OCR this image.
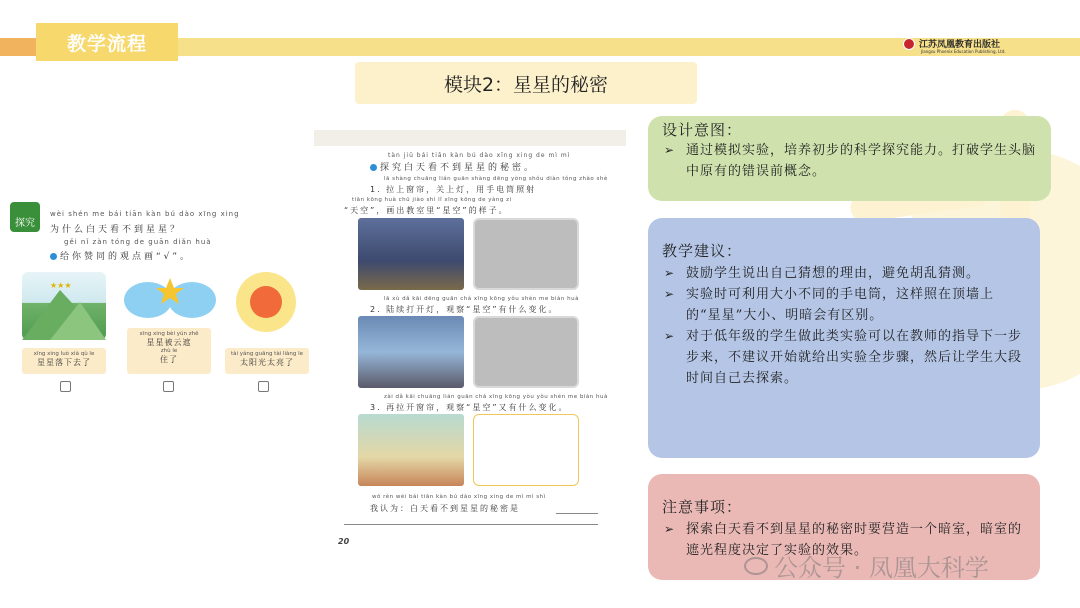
教学流程	江苏凤凰教育出版社
Jiangsu Phoenix Education Publishing, Ltd.
模块2：星星的秘密
探究
wèi shén me bái tiān kàn bú dào xīng xing
为什么白天看不到星星？
gěi nǐ zàn tóng de guān diǎn huà
给你赞同的观点画“√”。
★★★
xīng xing luò xià qù le
星星落下去了
xīng xing bèi yún zhē
星星被云遮
zhù le
住了
tài yáng guāng tài liàng le
太阳光太亮了
tàn jiū bái tiān kàn bú dào xīng xing de mì mì
探究白天看不到星星的秘密。
lā shàng chuāng lián guān shàng dēng yòng shǒu diàn tǒng zhào shè
1. 拉上窗帘，关上灯，用手电筒照射
tiān kōng huà chū jiào shì lǐ xīng kōng de yàng zi
“天空”，画出教室里“星空”的样子。
lā xù dǎ kāi dēng guān chá xīng kōng yǒu shén me biàn huà
2. 陆续打开灯，观察“星空”有什么变化。
zài dǎ kāi chuāng lián guān chá xīng kōng yòu yǒu shén me biàn huà
3. 再拉开窗帘，观察“星空”又有什么变化。
wǒ rèn wéi bái tiān kàn bú dào xīng xing de mì mì shì
我认为：白天看不到星星的秘密是
20
设计意图：
➢ 通过模拟实验，培养初步的科学探究能力。打破学生头脑中原有的错误前概念。
教学建议：
➢ 鼓励学生说出自己猜想的理由，避免胡乱猜测。
➢ 实验时可利用大小不同的手电筒，这样照在顶墙上的“星星”大小、明暗会有区别。
➢ 对于低年级的学生做此类实验可以在教师的指导下一步步来，不建议开始就给出实验全步骤，然后让学生大段时间自己去探索。
注意事项：
➢ 探索白天看不到星星的秘密时要营造一个暗室，暗室的遮光程度决定了实验的效果。
公众号 · 凤凰大科学
